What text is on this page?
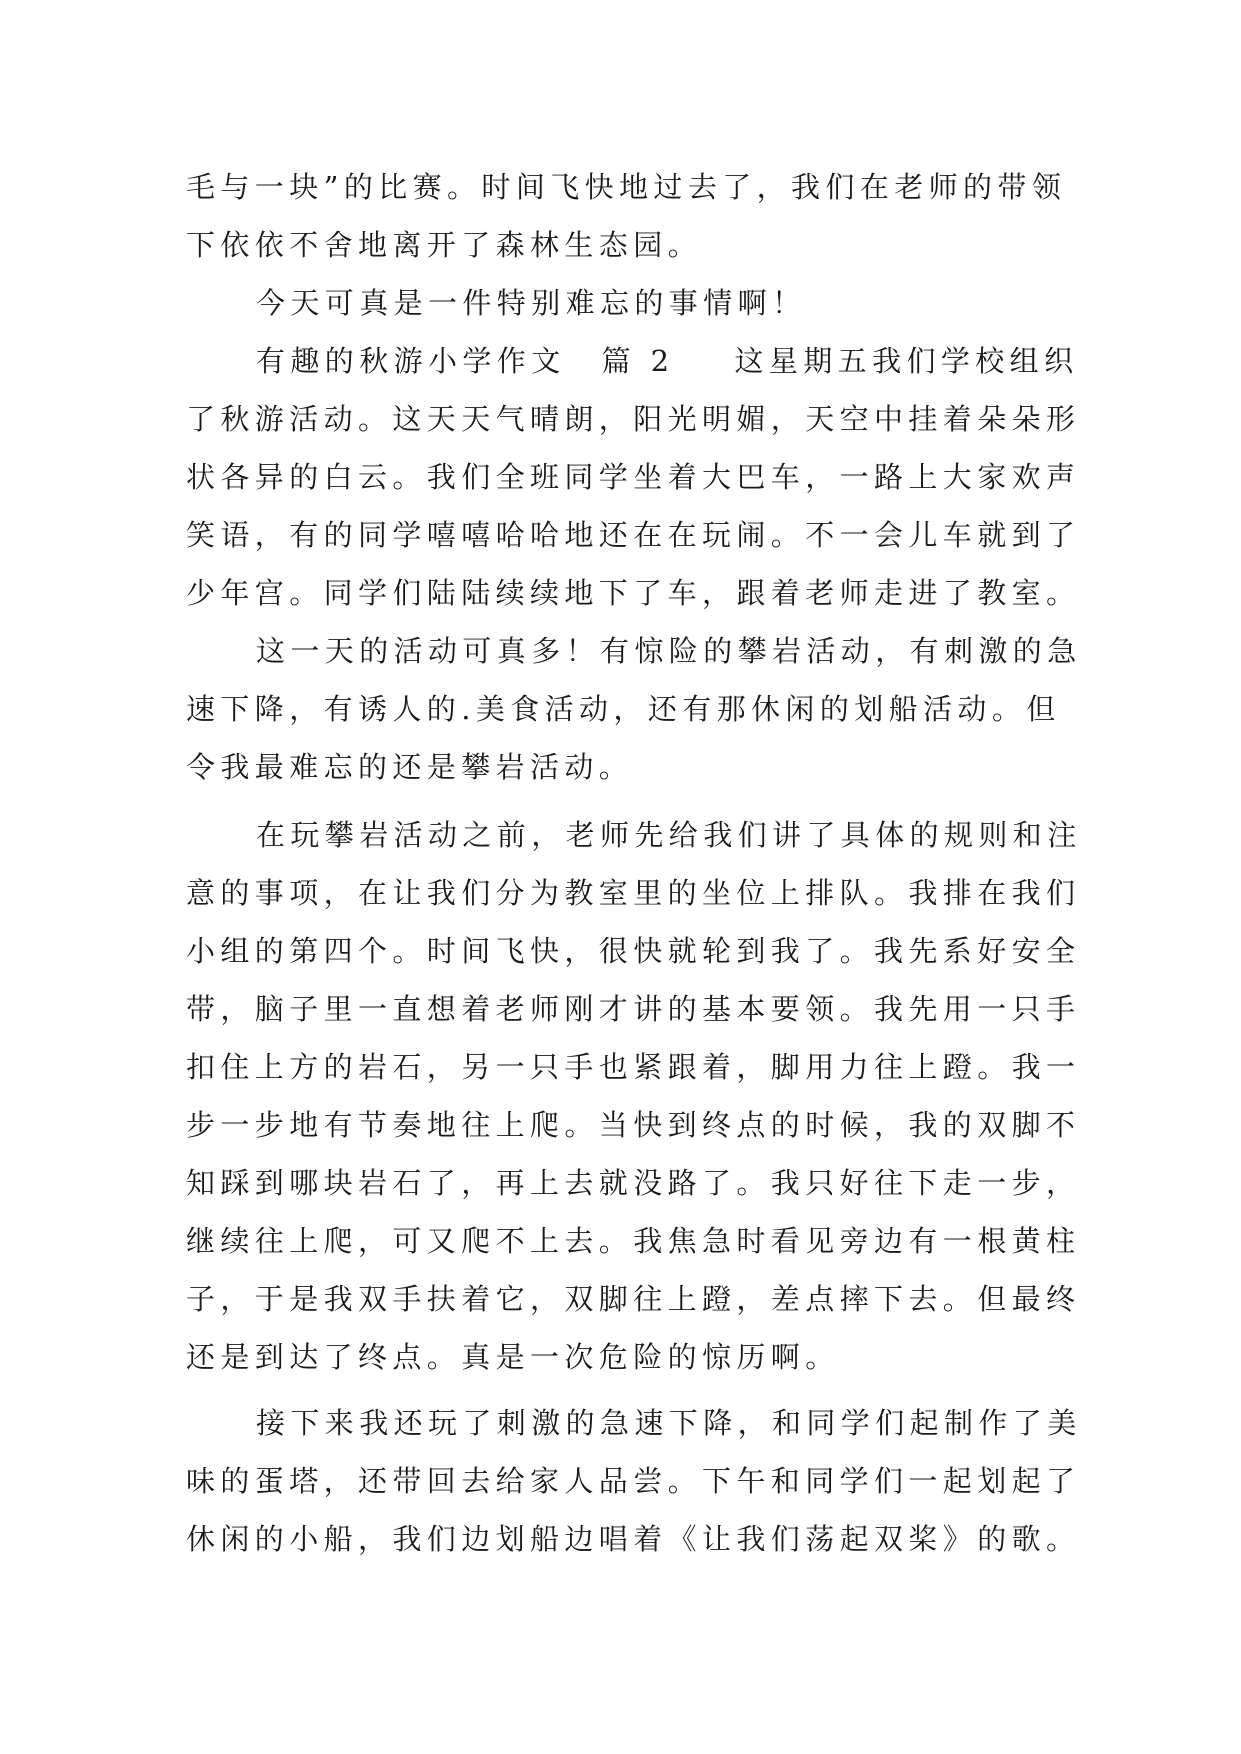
毛与一块”的比赛。时间飞快地过去了，我们在老师的带领
下依依不舍地离开了森林生态园。
今天可真是一件特别难忘的事情啊！
有趣的秋游小学作文 篇 2 这星期五我们学校组织
了秋游活动。这天天气晴朗，阳光明媚，天空中挂着朵朵形
状各异的白云。我们全班同学坐着大巴车，一路上大家欢声
笑语，有的同学嘻嘻哈哈地还在在玩闹。不一会儿车就到了
少年宫。同学们陆陆续续地下了车，跟着老师走进了教室。
这一天的活动可真多！有惊险的攀岩活动，有刺激的急
速下降，有诱人的.美食活动，还有那休闲的划船活动。但
令我最难忘的还是攀岩活动。
在玩攀岩活动之前，老师先给我们讲了具体的规则和注
意的事项，在让我们分为教室里的坐位上排队。我排在我们
小组的第四个。时间飞快，很快就轮到我了。我先系好安全
带，脑子里一直想着老师刚才讲的基本要领。我先用一只手
扣住上方的岩石，另一只手也紧跟着，脚用力往上蹬。我一
步一步地有节奏地往上爬。当快到终点的时候，我的双脚不
知踩到哪块岩石了，再上去就没路了。我只好往下走一步，
继续往上爬，可又爬不上去。我焦急时看见旁边有一根黄柱
子，于是我双手扶着它，双脚往上蹬，差点摔下去。但最终
还是到达了终点。真是一次危险的惊历啊。
接下来我还玩了刺激的急速下降，和同学们起制作了美
味的蛋塔，还带回去给家人品尝。下午和同学们一起划起了
休闲的小船，我们边划船边唱着《让我们荡起双桨》的歌。
